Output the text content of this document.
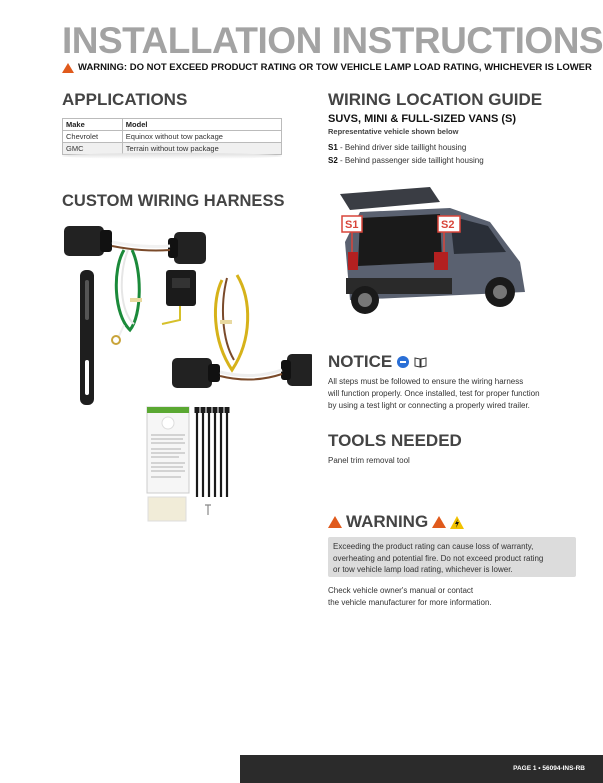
INSTALLATION INSTRUCTIONS
WARNING: DO NOT EXCEED PRODUCT RATING OR TOW VEHICLE LAMP LOAD RATING, WHICHEVER IS LOWER
APPLICATIONS
Make	Model
Chevrolet	Equinox without tow package
GMC	Terrain without tow package
CUSTOM WIRING HARNESS
WIRING LOCATION GUIDE
SUVS, MINI & FULL-SIZED VANS (S)
Representative vehicle shown below
S1 - Behind driver side taillight housing
S2 - Behind passenger side taillight housing
S1	S2
NOTICE
All steps must be followed to ensure the wiring harness
will function properly. Once installed, test for proper function
by using a test light or connecting a properly wired trailer.
TOOLS NEEDED
Panel trim removal tool
WARNING
Exceeding the product rating can cause loss of warranty,
overheating and potential fire. Do not exceed product rating
or tow vehicle lamp load rating, whichever is lower.
Check vehicle owner's manual or contact
the vehicle manufacturer for more information.
PAGE 1 • 56094-INS-RB
